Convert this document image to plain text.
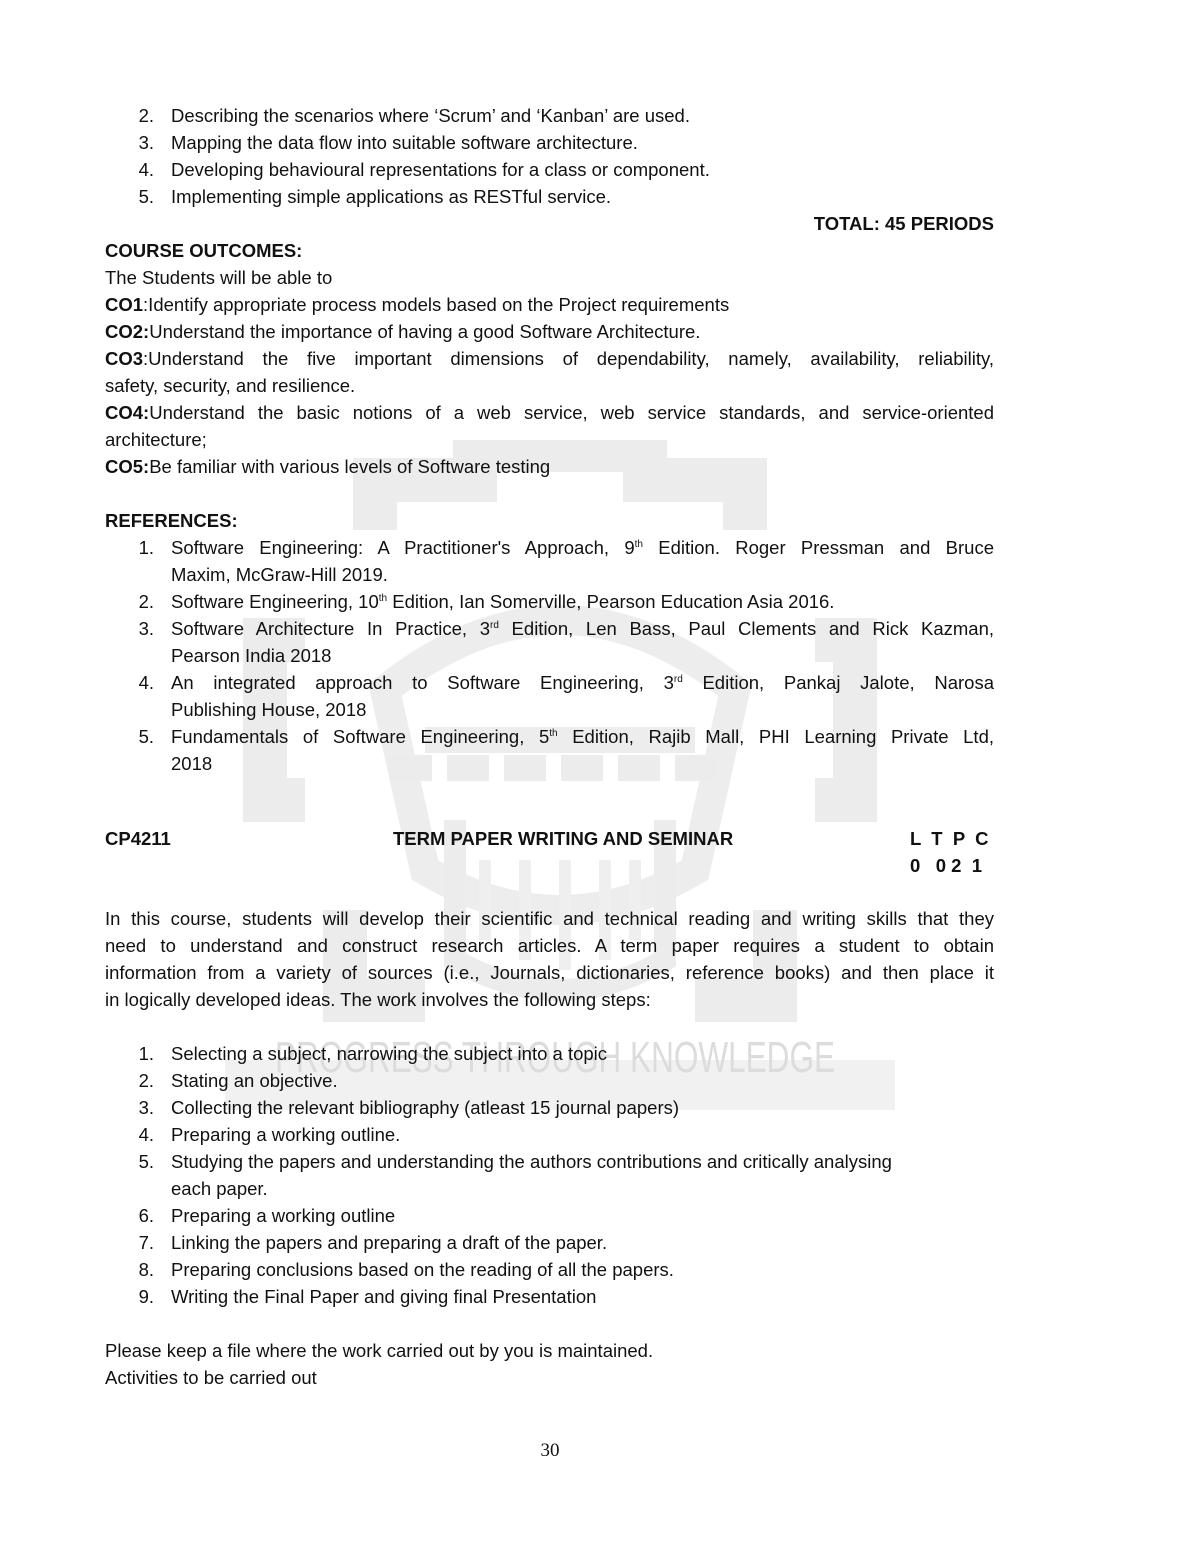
PROGRESS THROUGH KNOWLEDGE
2. Describing the scenarios where ‘Scrum’ and ‘Kanban’ are used.
3. Mapping the data flow into suitable software architecture.
4. Developing behavioural representations for a class or component.
5. Implementing simple applications as RESTful service.
TOTAL: 45 PERIODS
COURSE OUTCOMES:
The Students will be able to
CO1:Identify appropriate process models based on the Project requirements
CO2:Understand the importance of having a good Software Architecture.
CO3:Understand the five important dimensions of dependability, namely, availability, reliability,
safety, security, and resilience.
CO4:Understand the basic notions of a web service, web service standards, and service-oriented
architecture;
CO5:Be familiar with various levels of Software testing
REFERENCES:
1. Software Engineering: A Practitioner's Approach, 9th Edition. Roger Pressman and Bruce
Maxim, McGraw-Hill 2019.
2. Software Engineering, 10th Edition, Ian Somerville, Pearson Education Asia 2016.
3. Software Architecture In Practice, 3rd Edition, Len Bass, Paul Clements and Rick Kazman,
Pearson India 2018
4. An integrated approach to Software Engineering, 3rd Edition, Pankaj Jalote, Narosa
Publishing House, 2018
5. Fundamentals of Software Engineering, 5th Edition, Rajib Mall, PHI Learning Private Ltd,
2018
CP4211	TERM PAPER WRITING AND SEMINAR	L  T  P  C
0   0 2  1
In this course, students will develop their scientific and technical reading and writing skills that they
need to understand and construct research articles. A term paper requires a student to obtain
information from a variety of sources (i.e., Journals, dictionaries, reference books) and then place it
in logically developed ideas. The work involves the following steps:
1. Selecting a subject, narrowing the subject into a topic
2. Stating an objective.
3. Collecting the relevant bibliography (atleast 15 journal papers)
4. Preparing a working outline.
5. Studying the papers and understanding the authors contributions and critically analysing
each paper.
6. Preparing a working outline
7. Linking the papers and preparing a draft of the paper.
8. Preparing conclusions based on the reading of all the papers.
9. Writing the Final Paper and giving final Presentation
Please keep a file where the work carried out by you is maintained.
Activities to be carried out
30
